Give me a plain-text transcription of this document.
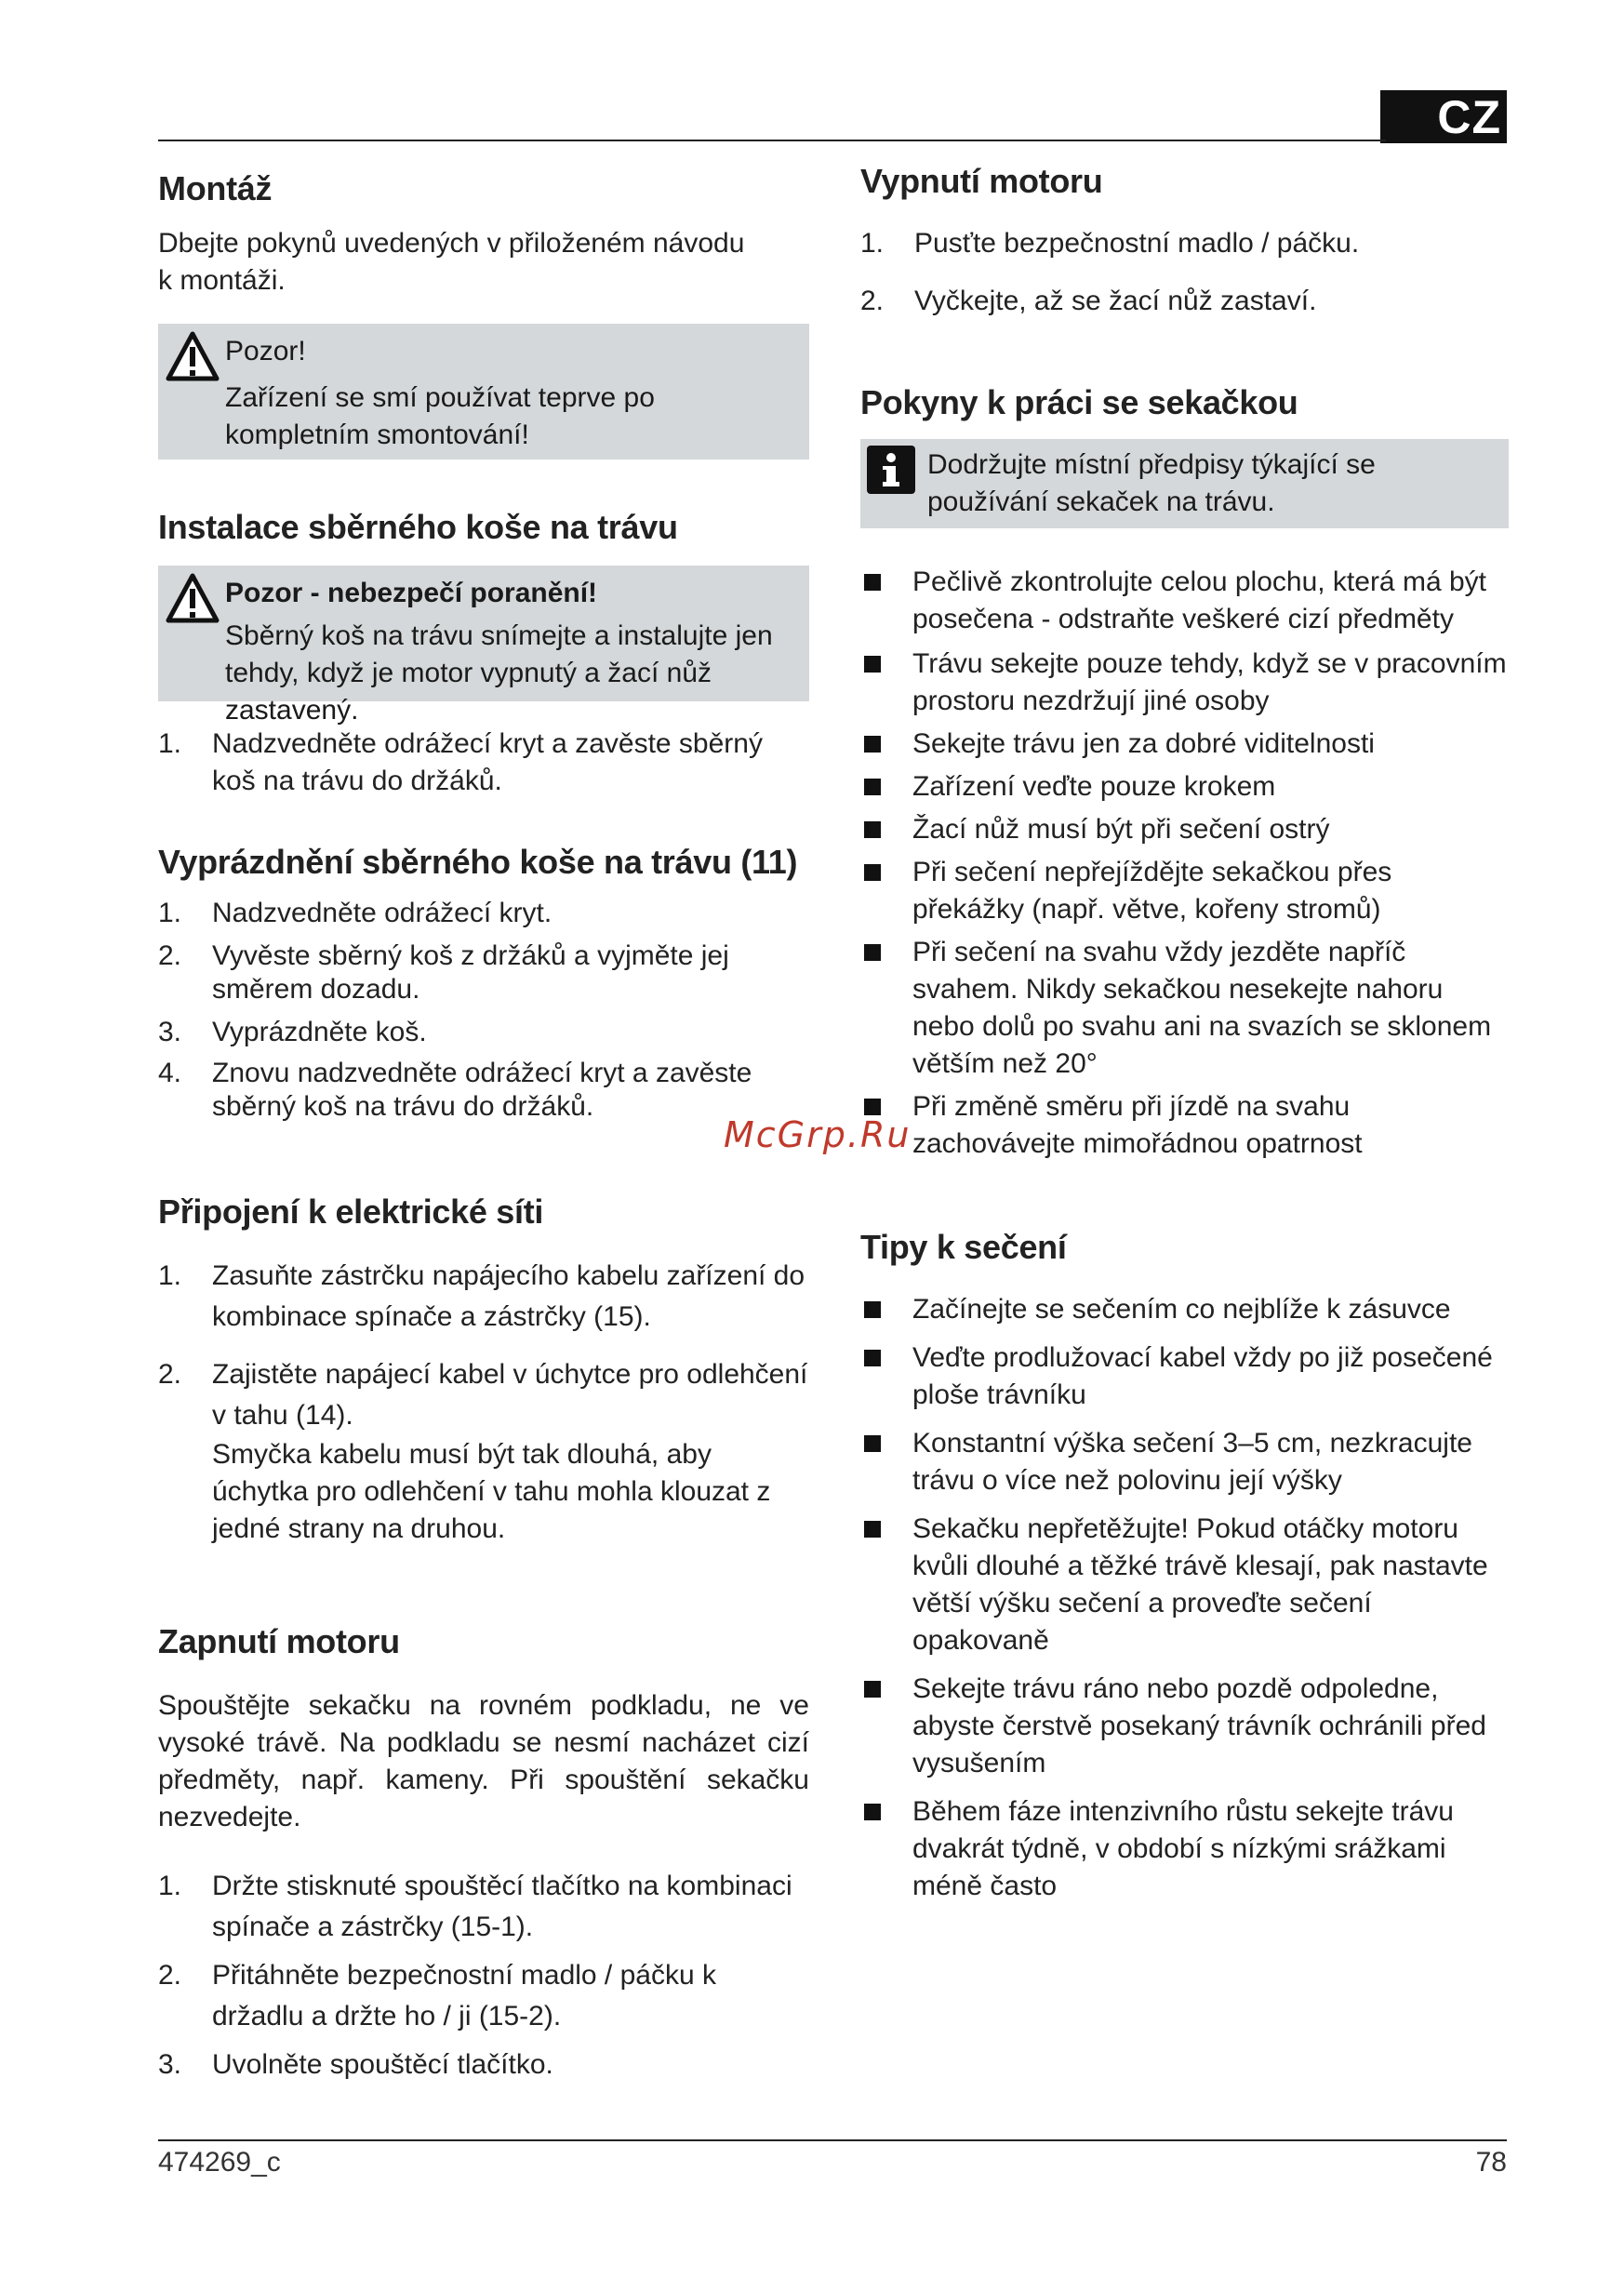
CZ
Montáž

Dbejte pokynů uvedených v přiloženém návodu k montáži.

Pozor!
Zařízení se smí používat teprve po kompletním smontování!
Instalace sběrného koše na trávu
Pozor - nebezpečí poranění!
Sběrný koš na trávu snímejte a instalujte jen tehdy, když je motor vypnutý a žací nůž zastavený.
1. Nadzvedněte odrážecí kryt a zavěste sběrný koš na trávu do držáků.
Vyprázdnění sběrného koše na trávu (11)
1. Nadzvedněte odrážecí kryt.
2. Vyvěste sběrný koš z držáků a vyjměte jej směrem dozadu.
3. Vyprázdněte koš.
4. Znovu nadzvedněte odrážecí kryt a zavěste sběrný koš na trávu do držáků.
Připojení k elektrické síti
1. Zasuňte zástrčku napájecího kabelu zařízení do kombinace spínače a zástrčky (15).
2. Zajistěte napájecí kabel v úchytce pro odlehčení v tahu (14).
Smyčka kabelu musí být tak dlouhá, aby úchytka pro odlehčení v tahu mohla klouzat z jedné strany na druhou.
Zapnutí motoru

Spouštějte sekačku na rovném podkladu, ne ve vysoké trávě. Na podkladu se nesmí nacházet cizí předměty, např. kameny. Při spouštění sekačku nezvedejte.

1. Držte stisknuté spouštěcí tlačítko na kombinaci spínače a zástrčky (15-1).
2. Přitáhněte bezpečnostní madlo / páčku k držadlu a držte ho / ji (15-2).
3. Uvolněte spouštěcí tlačítko.
Vypnutí motoru
1. Pusťte bezpečnostní madlo / páčku.
2. Vyčkejte, až se žací nůž zastaví.
Pokyny k práci se sekačkou
Dodržujte místní předpisy týkající se používání sekaček na trávu.
Pečlivě zkontrolujte celou plochu, která má být posečena - odstraňte veškeré cizí předměty
Trávu sekejte pouze tehdy, když se v pracovním prostoru nezdržují jiné osoby
Sekejte trávu jen za dobré viditelnosti
Zařízení veďte pouze krokem
Žací nůž musí být při sečení ostrý
Při sečení nepřejíždějte sekačkou přes překážky (např. větve, kořeny stromů)
Při sečení na svahu vždy jezděte napříč svahem. Nikdy sekačkou nesekejte nahoru nebo dolů po svahu ani na svazích se sklonem větším než 20°
Při změně směru při jízdě na svahu zachovávejte mimořádnou opatrnost
Tipy k sečení
Začínejte se sečením co nejblíže k zásuvce
Veďte prodlužovací kabel vždy po již posečené ploše trávníku
Konstantní výška sečení 3–5 cm, nezkracujte trávu o více než polovinu její výšky
Sekačku nepřetěžujte! Pokud otáčky motoru kvůli dlouhé a těžké trávě klesají, pak nastavte větší výšku sečení a proveďte sečení opakovaně
Sekejte trávu ráno nebo pozdě odpoledne, abyste čerstvě posekaný trávník ochránili před vysušením
Během fáze intenzivního růstu sekejte trávu dvakrát týdně, v období s nízkými srážkami méně často
McGrp.Ru
474269_c	78
